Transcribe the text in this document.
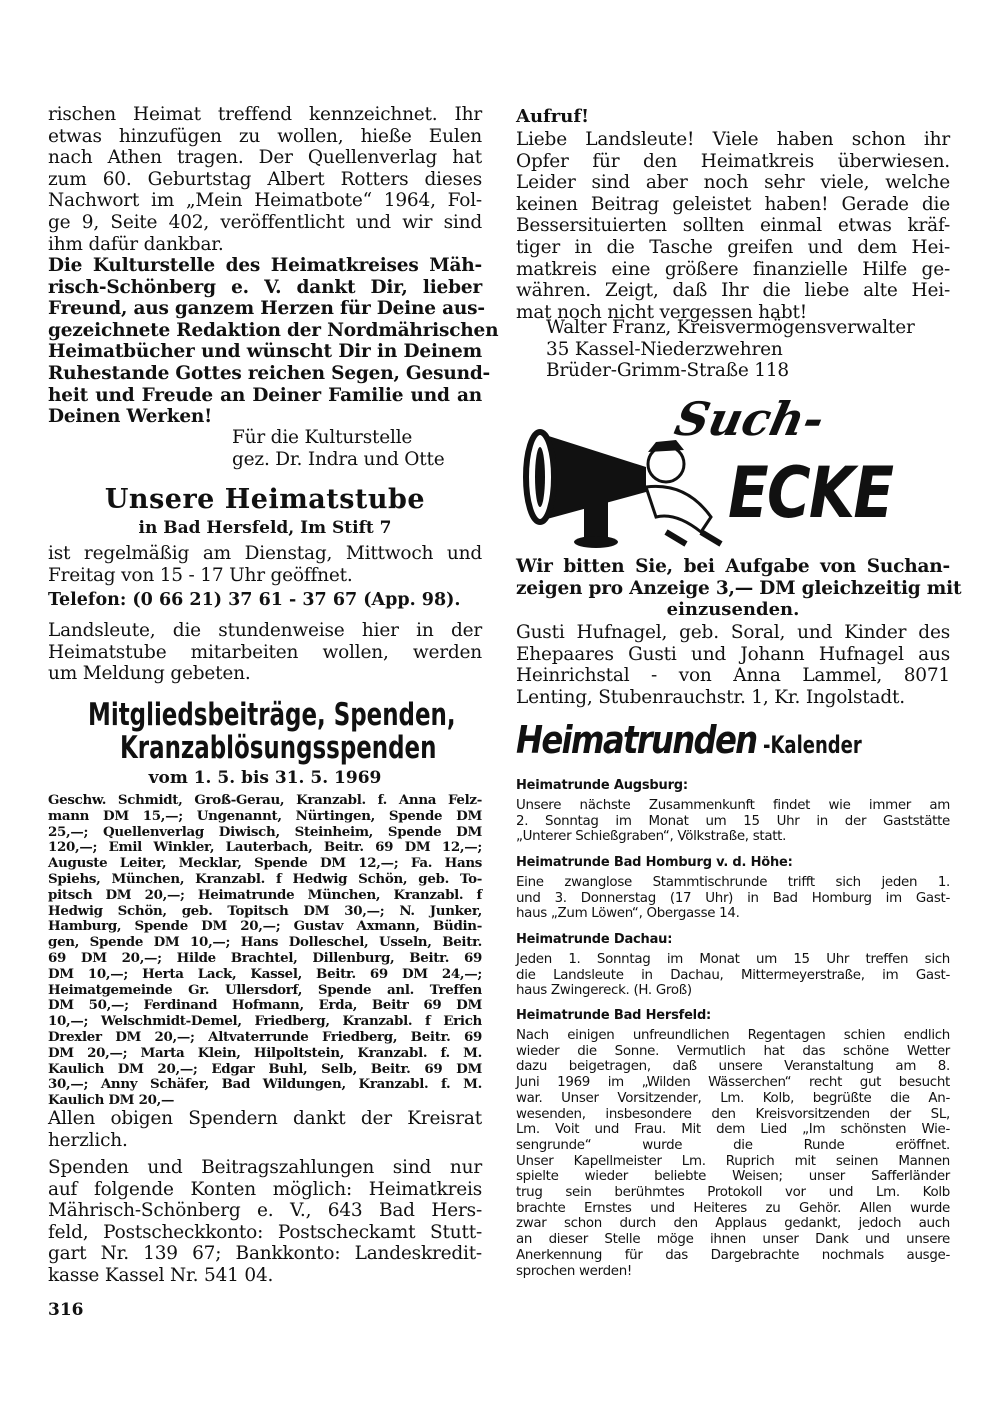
rischen Heimat treffend kennzeichnet. Ihr
etwas hinzufügen zu wollen, hieße Eulen
nach Athen tragen. Der Quellenverlag hat
zum 60. Geburtstag Albert Rotters dieses
Nachwort im „Mein Heimatbote“ 1964, Fol-
ge 9, Seite 402, veröffentlicht und wir sind
ihm dafür dankbar.
Die Kulturstelle des Heimatkreises Mäh-
risch-Schönberg e. V. dankt Dir, lieber
Freund, aus ganzem Herzen für Deine aus-
gezeichnete Redaktion der Nordmährischen
Heimatbücher und wünscht Dir in Deinem
Ruhestande Gottes reichen Segen, Gesund-
heit und Freude an Deiner Familie und an
Deinen Werken!
Für die Kulturstelle
gez. Dr. Indra und Otte
Unsere Heimatstube
in Bad Hersfeld, Im Stift 7
ist regelmäßig am Dienstag, Mittwoch und
Freitag von 15 - 17 Uhr geöffnet.
Telefon: (0 66 21) 37 61 - 37 67 (App. 98).
Landsleute, die stundenweise hier in der
Heimatstube mitarbeiten wollen, werden
um Meldung gebeten.
Mitgliedsbeiträge, Spenden,
Kranzablösungsspenden
vom 1. 5. bis 31. 5. 1969
Geschw. Schmidt, Groß-Gerau, Kranzabl. f. Anna Felz-
mann DM 15,—; Ungenannt, Nürtingen, Spende DM
25,—; Quellenverlag Diwisch, Steinheim, Spende DM
120,—; Emil Winkler, Lauterbach, Beitr. 69 DM 12,—;
Auguste Leiter, Mecklar, Spende DM 12,—; Fa. Hans
Spiehs, München, Kranzabl. f Hedwig Schön, geb. To-
pitsch DM 20,—; Heimatrunde München, Kranzabl. f
Hedwig Schön, geb. Topitsch DM 30,—; N. Junker,
Hamburg, Spende DM 20,—; Gustav Axmann, Büdin-
gen, Spende DM 10,—; Hans Dolleschel, Usseln, Beitr.
69 DM 20,—; Hilde Brachtel, Dillenburg, Beitr. 69
DM 10,—; Herta Lack, Kassel, Beitr. 69 DM 24,—;
Heimatgemeinde Gr. Ullersdorf, Spende anl. Treffen
DM 50,—; Ferdinand Hofmann, Erda, Beitr 69 DM
10,—; Welschmidt-Demel, Friedberg, Kranzabl. f Erich
Drexler DM 20,—; Altvaterrunde Friedberg, Beitr. 69
DM 20,—; Marta Klein, Hilpoltstein, Kranzabl. f. M.
Kaulich DM 20,—; Edgar Buhl, Selb, Beitr. 69 DM
30,—; Anny Schäfer, Bad Wildungen, Kranzabl. f. M.
Kaulich DM 20,—
Allen obigen Spendern dankt der Kreisrat
herzlich.
Spenden und Beitragszahlungen sind nur
auf folgende Konten möglich: Heimatkreis
Mährisch-Schönberg e. V., 643 Bad Hers-
feld, Postscheckkonto: Postscheckamt Stutt-
gart Nr. 139 67; Bankkonto: Landeskredit-
kasse Kassel Nr. 541 04.
316
Aufruf!
Liebe Landsleute! Viele haben schon ihr
Opfer für den Heimatkreis überwiesen.
Leider sind aber noch sehr viele, welche
keinen Beitrag geleistet haben! Gerade die
Bessersituierten sollten einmal etwas kräf-
tiger in die Tasche greifen und dem Hei-
matkreis eine größere finanzielle Hilfe ge-
währen. Zeigt, daß Ihr die liebe alte Hei-
mat noch nicht vergessen habt!
Walter Franz, Kreisvermögensverwalter
35 Kassel-Niederzwehren
Brüder-Grimm-Straße 118
Such-
ECKE
Wir bitten Sie, bei Aufgabe von Suchan-
zeigen pro Anzeige 3,— DM gleichzeitig mit
einzusenden.
Gusti Hufnagel, geb. Soral, und Kinder des
Ehepaares Gusti und Johann Hufnagel aus
Heinrichstal - von Anna Lammel, 8071
Lenting, Stubenrauchstr. 1, Kr. Ingolstadt.
Heimatrunden -Kalender
Heimatrunde Augsburg:
Unsere nächste Zusammenkunft findet wie immer am
2. Sonntag im Monat um 15 Uhr in der Gaststätte
„Unterer Schießgraben“, Völkstraße, statt.
Heimatrunde Bad Homburg v. d. Höhe:
Eine zwanglose Stammtischrunde trifft sich jeden 1.
und 3. Donnerstag (17 Uhr) in Bad Homburg im Gast-
haus „Zum Löwen“, Obergasse 14.
Heimatrunde Dachau:
Jeden 1. Sonntag im Monat um 15 Uhr treffen sich
die Landsleute in Dachau, Mittermeyerstraße, im Gast-
haus Zwingereck. (H. Groß)
Heimatrunde Bad Hersfeld:
Nach einigen unfreundlichen Regentagen schien endlich
wieder die Sonne. Vermutlich hat das schöne Wetter
dazu beigetragen, daß unsere Veranstaltung am 8.
Juni 1969 im „Wilden Wässerchen“ recht gut besucht
war. Unser Vorsitzender, Lm. Kolb, begrüßte die An-
wesenden, insbesondere den Kreisvorsitzenden der SL,
Lm. Voit und Frau. Mit dem Lied „Im schönsten Wie-
sengrunde“ wurde die Runde eröffnet.
Unser Kapellmeister Lm. Ruprich mit seinen Mannen
spielte wieder beliebte Weisen; unser Safferländer
trug sein berühmtes Protokoll vor und Lm. Kolb
brachte Ernstes und Heiteres zu Gehör. Allen wurde
zwar schon durch den Applaus gedankt, jedoch auch
an dieser Stelle möge ihnen unser Dank und unsere
Anerkennung für das Dargebrachte nochmals ausge-
sprochen werden!
